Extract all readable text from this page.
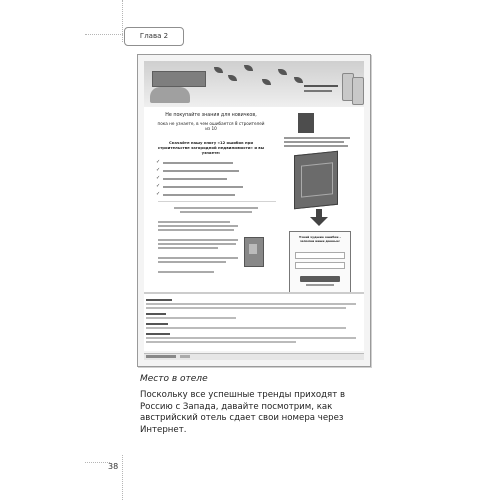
Глава 2
Не покупайте знания для новичков,
пока не узнаете, в чем ошибается 8 строителей из 10
Скачайте нашу книгу «12 ошибок при строительстве загородной недвижимости» и вы узнаете:
✓
✓
✓
✓
✓
Узнай худшие ошибки – заполни ваши данные:
Место в отеле
Поскольку все успешные тренды приходят в Россию с Запада, давайте посмотрим, как австрийский отель сдает свои номера через Интернет.
38
